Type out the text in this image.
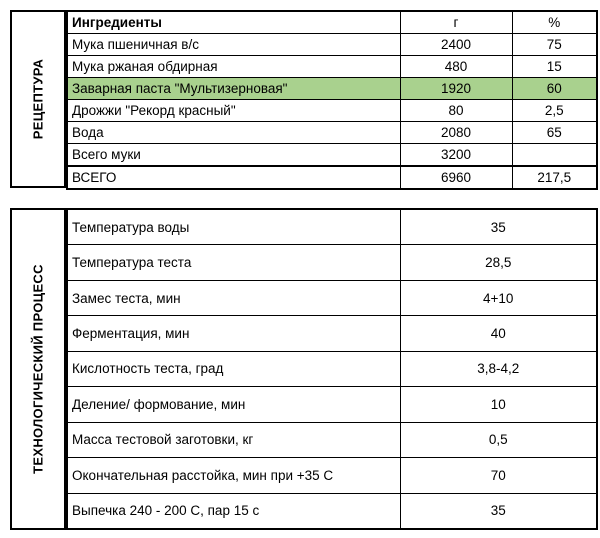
РЕЦЕПТУРА
Ингредиенты	г	%
Мука пшеничная в/с	2400	75
Мука ржаная обдирная	480	15
Заварная паста "Мультизерновая"	1920	60
Дрожжи "Рекорд красный"	80	2,5
Вода	2080	65
Всего муки	3200	
ВСЕГО	6960	217,5
ТЕХНОЛОГИЧЕСКИЙ ПРОЦЕСС
Температура воды	35
Температура теста	28,5
Замес теста, мин	4+10
Ферментация, мин	40
Кислотность теста, град	3,8-4,2
Деление/ формование, мин	10
Масса тестовой заготовки, кг	0,5
Окончательная расстойка, мин при +35 С	70
Выпечка 240 - 200 С, пар 15 с	35
